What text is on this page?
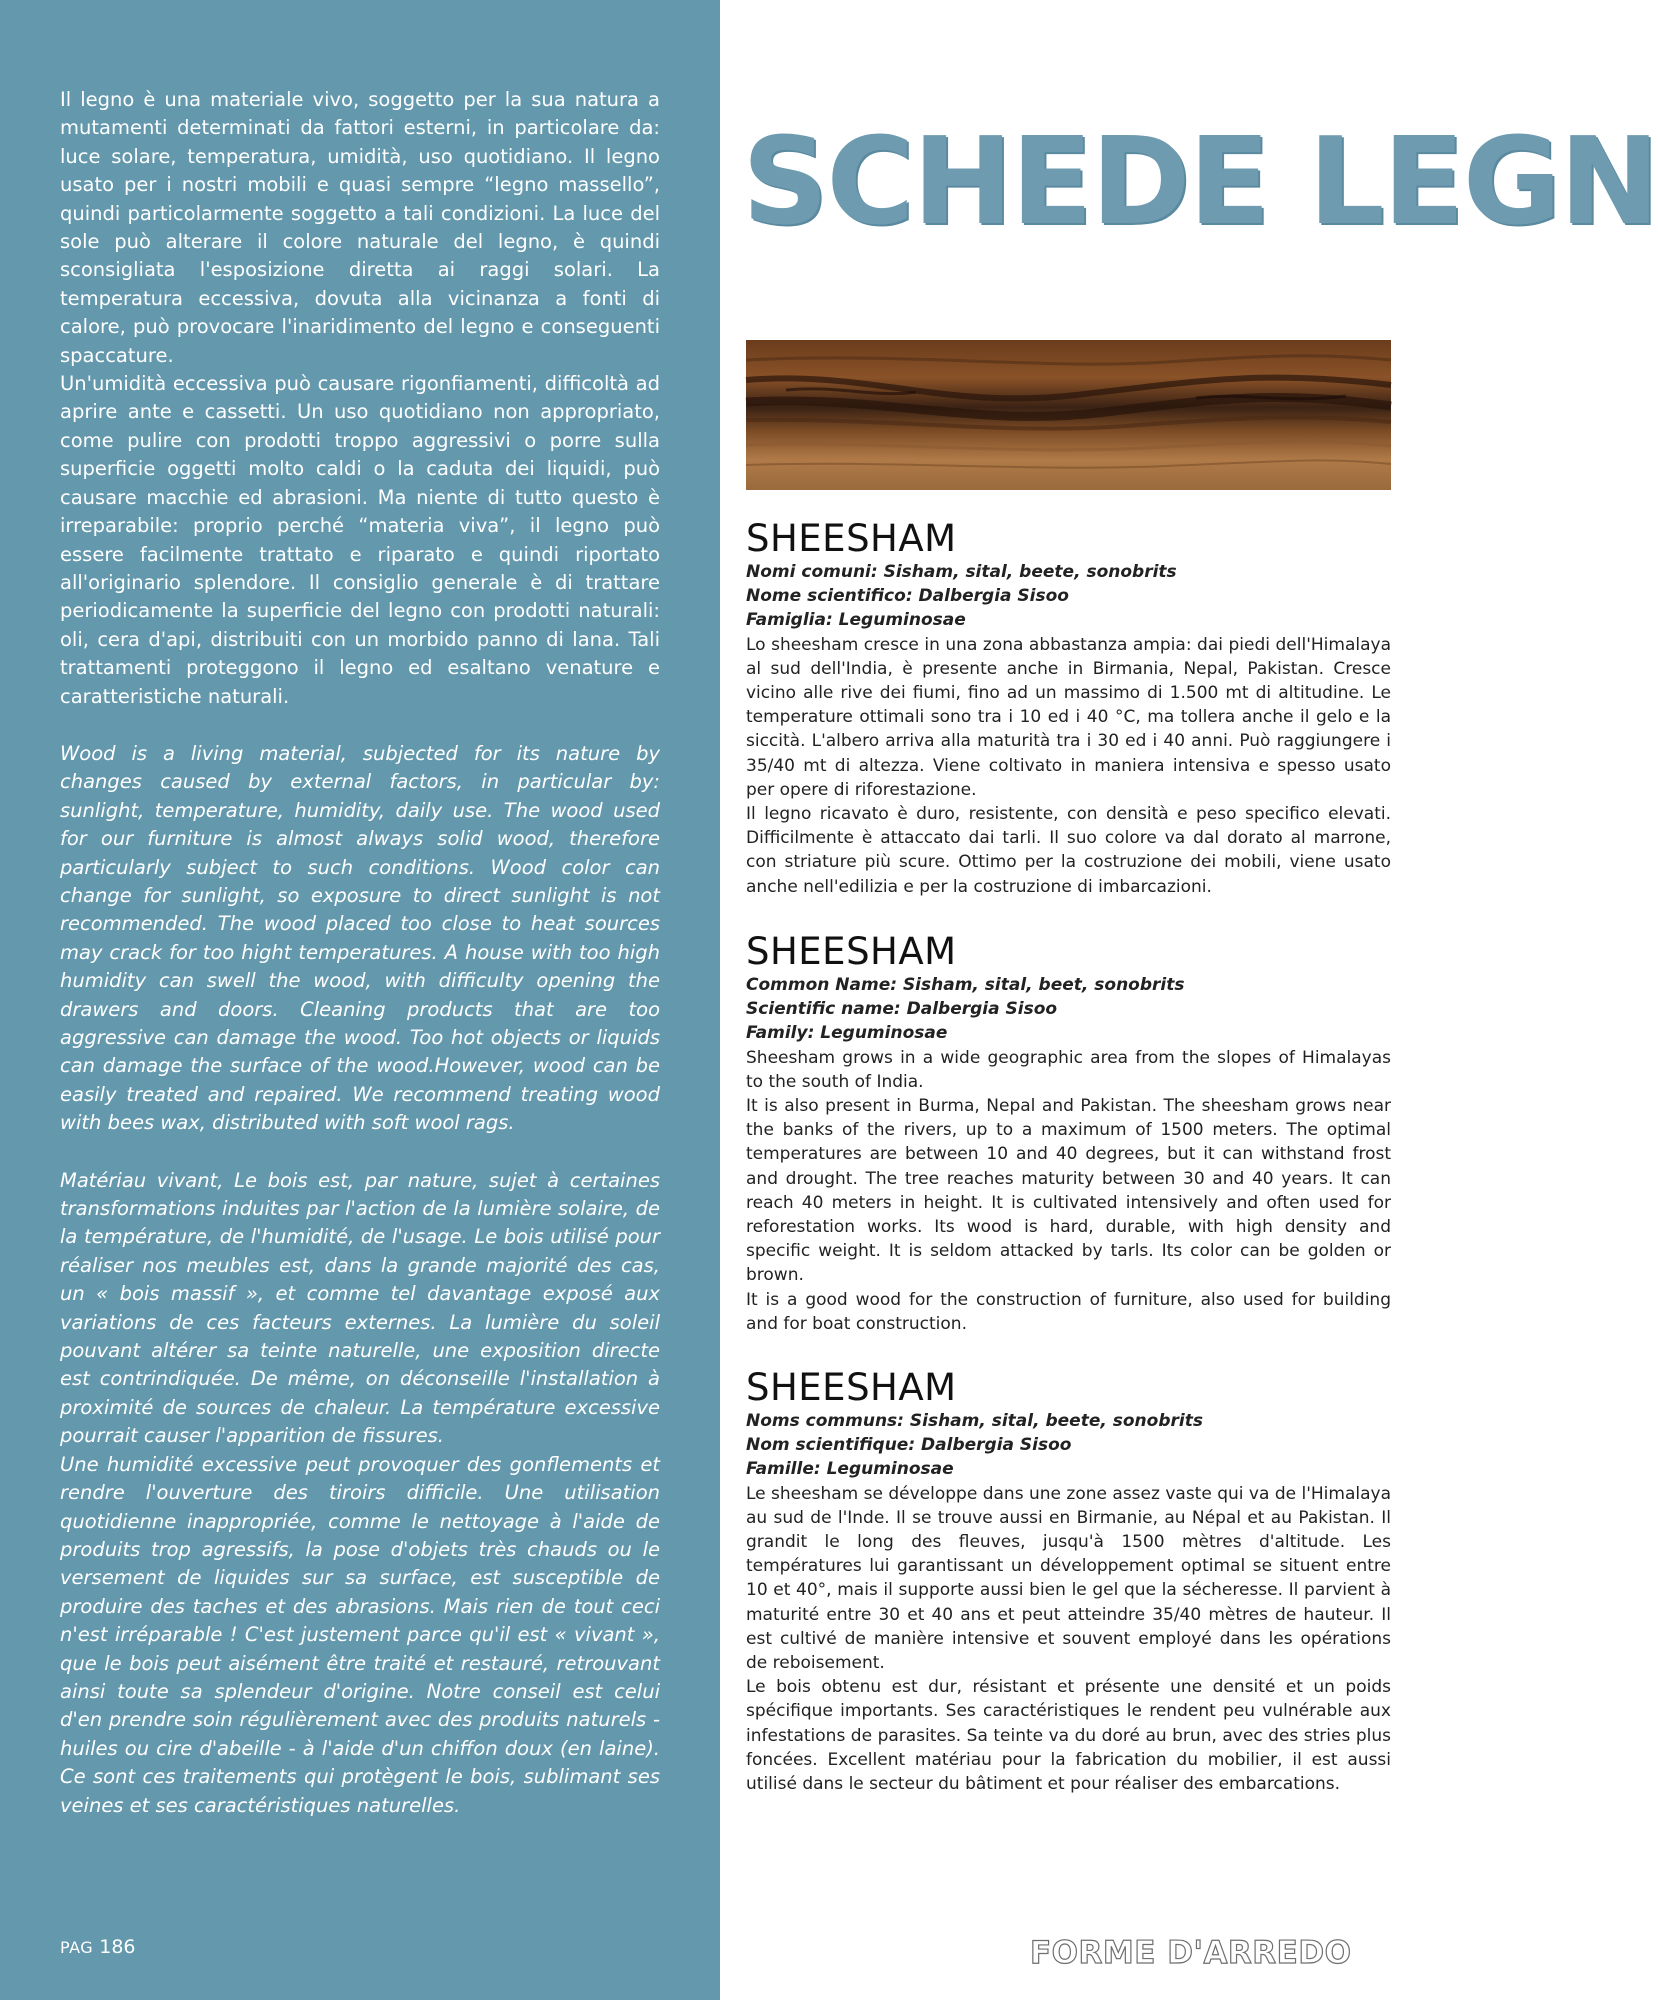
Il legno è una materiale vivo, soggetto per la sua natura a mutamenti determinati da fattori esterni, in particolare da: luce solare, temperatura, umidità, uso quotidiano. Il legno usato per i nostri mobili e quasi sempre “legno massello”, quindi particolarmente soggetto a tali condizioni. La luce del sole può alterare il colore naturale del legno, è quindi sconsigliata l'esposizione diretta ai raggi solari. La temperatura eccessiva, dovuta alla vicinanza a fonti di calore, può provocare l'inaridimento del legno e conseguenti spaccature.

Un'umidità eccessiva può causare rigonfiamenti, difficoltà ad aprire ante e cassetti. Un uso quotidiano non appropriato, come pulire con prodotti troppo aggressivi o porre sulla superficie oggetti molto caldi o la caduta dei liquidi, può causare macchie ed abrasioni. Ma niente di tutto questo è irreparabile: proprio perché “materia viva”, il legno può essere facilmente trattato e riparato e quindi riportato all'originario splendore. Il consiglio generale è di trattare periodicamente la superficie del legno con prodotti naturali: oli, cera d'api, distribuiti con un morbido panno di lana. Tali trattamenti proteggono il legno ed esaltano venature e caratteristiche naturali.

Wood is a living material, subjected for its nature by changes caused by external factors, in particular by: sunlight, temperature, humidity, daily use. The wood used for our furniture is almost always solid wood, therefore particularly subject to such conditions. Wood color can change for sunlight, so exposure to direct sunlight is not recommended. The wood placed too close to heat sources may crack for too hight temperatures. A house with too high humidity can swell the wood, with difficulty opening the drawers and doors. Cleaning products that are too aggressive can damage the wood. Too hot objects or liquids can damage the surface of the wood.However, wood can be easily treated and repaired. We recommend treating wood with bees wax, distributed with soft wool rags.

Matériau vivant, Le bois est, par nature, sujet à certaines transformations induites par l'action de la lumière solaire, de la température, de l'humidité, de l'usage. Le bois utilisé pour réaliser nos meubles est, dans la grande majorité des cas, un « bois massif », et comme tel davantage exposé aux variations de ces facteurs externes. La lumière du soleil pouvant altérer sa teinte naturelle, une exposition directe est contrindiquée. De même, on déconseille l'installation à proximité de sources de chaleur. La température excessive pourrait causer l'apparition de fissures.

Une humidité excessive peut provoquer des gonflements et rendre l'ouverture des tiroirs difficile. Une utilisation quotidienne inappropriée, comme le nettoyage à l'aide de produits trop agressifs, la pose d'objets très chauds ou le versement de liquides sur sa surface, est susceptible de produire des taches et des abrasions. Mais rien de tout ceci n'est irréparable ! C'est justement parce qu'il est « vivant », que le bois peut aisément être traité et restauré, retrouvant ainsi toute sa splendeur d'origine. Notre conseil est celui d'en prendre soin régulièrement avec des produits naturels - huiles ou cire d'abeille - à l'aide d'un chiffon doux (en laine). Ce sont ces traitements qui protègent le bois, sublimant ses veines et ses caractéristiques naturelles.

PAG 186
SCHEDE LEGN
SHEESHAM
Nomi comuni: Sisham, sital, beete, sonobrits
Nome scientifico: Dalbergia Sisoo
Famiglia: Leguminosae

Lo sheesham cresce in una zona abbastanza ampia: dai piedi dell'Himalaya al sud dell'India, è presente anche in Birmania, Nepal, Pakistan. Cresce vicino alle rive dei fiumi, fino ad un massimo di 1.500 mt di altitudine. Le temperature ottimali sono tra i 10 ed i 40 °C, ma tollera anche il gelo e la siccità. L'albero arriva alla maturità tra i 30 ed i 40 anni. Può raggiungere i 35/40 mt di altezza. Viene coltivato in maniera intensiva e spesso usato per opere di riforestazione.

Il legno ricavato è duro, resistente, con densità e peso specifico elevati. Difficilmente è attaccato dai tarli. Il suo colore va dal dorato al marrone, con striature più scure. Ottimo per la costruzione dei mobili, viene usato anche nell'edilizia e per la costruzione di imbarcazioni.

SHEESHAM
Common Name: Sisham, sital, beet, sonobrits
Scientific name: Dalbergia Sisoo
Family: Leguminosae

Sheesham grows in a wide geographic area from the slopes of Himalayas to the south of India.

It is also present in Burma, Nepal and Pakistan. The sheesham grows near the banks of the rivers, up to a maximum of 1500 meters. The optimal temperatures are between 10 and 40 degrees, but it can withstand frost and drought. The tree reaches maturity between 30 and 40 years. It can reach 40 meters in height. It is cultivated intensively and often used for reforestation works. Its wood is hard, durable, with high density and specific weight. It is seldom attacked by tarls. Its color can be golden or brown.

It is a good wood for the construction of furniture, also used for building and for boat construction.

SHEESHAM
Noms communs: Sisham, sital, beete, sonobrits
Nom scientifique: Dalbergia Sisoo
Famille: Leguminosae

Le sheesham se développe dans une zone assez vaste qui va de l'Himalaya au sud de l'Inde. Il se trouve aussi en Birmanie, au Népal et au Pakistan. Il grandit le long des fleuves, jusqu'à 1500 mètres d'altitude. Les températures lui garantissant un développement optimal se situent entre 10 et 40°, mais il supporte aussi bien le gel que la sécheresse. Il parvient à maturité entre 30 et 40 ans et peut atteindre 35/40 mètres de hauteur. Il est cultivé de manière intensive et souvent employé dans les opérations de reboisement.

Le bois obtenu est dur, résistant et présente une densité et un poids spécifique importants. Ses caractéristiques le rendent peu vulnérable aux infestations de parasites. Sa teinte va du doré au brun, avec des stries plus foncées. Excellent matériau pour la fabrication du mobilier, il est aussi utilisé dans le secteur du bâtiment et pour réaliser des embarcations.

FORME D'ARREDO
